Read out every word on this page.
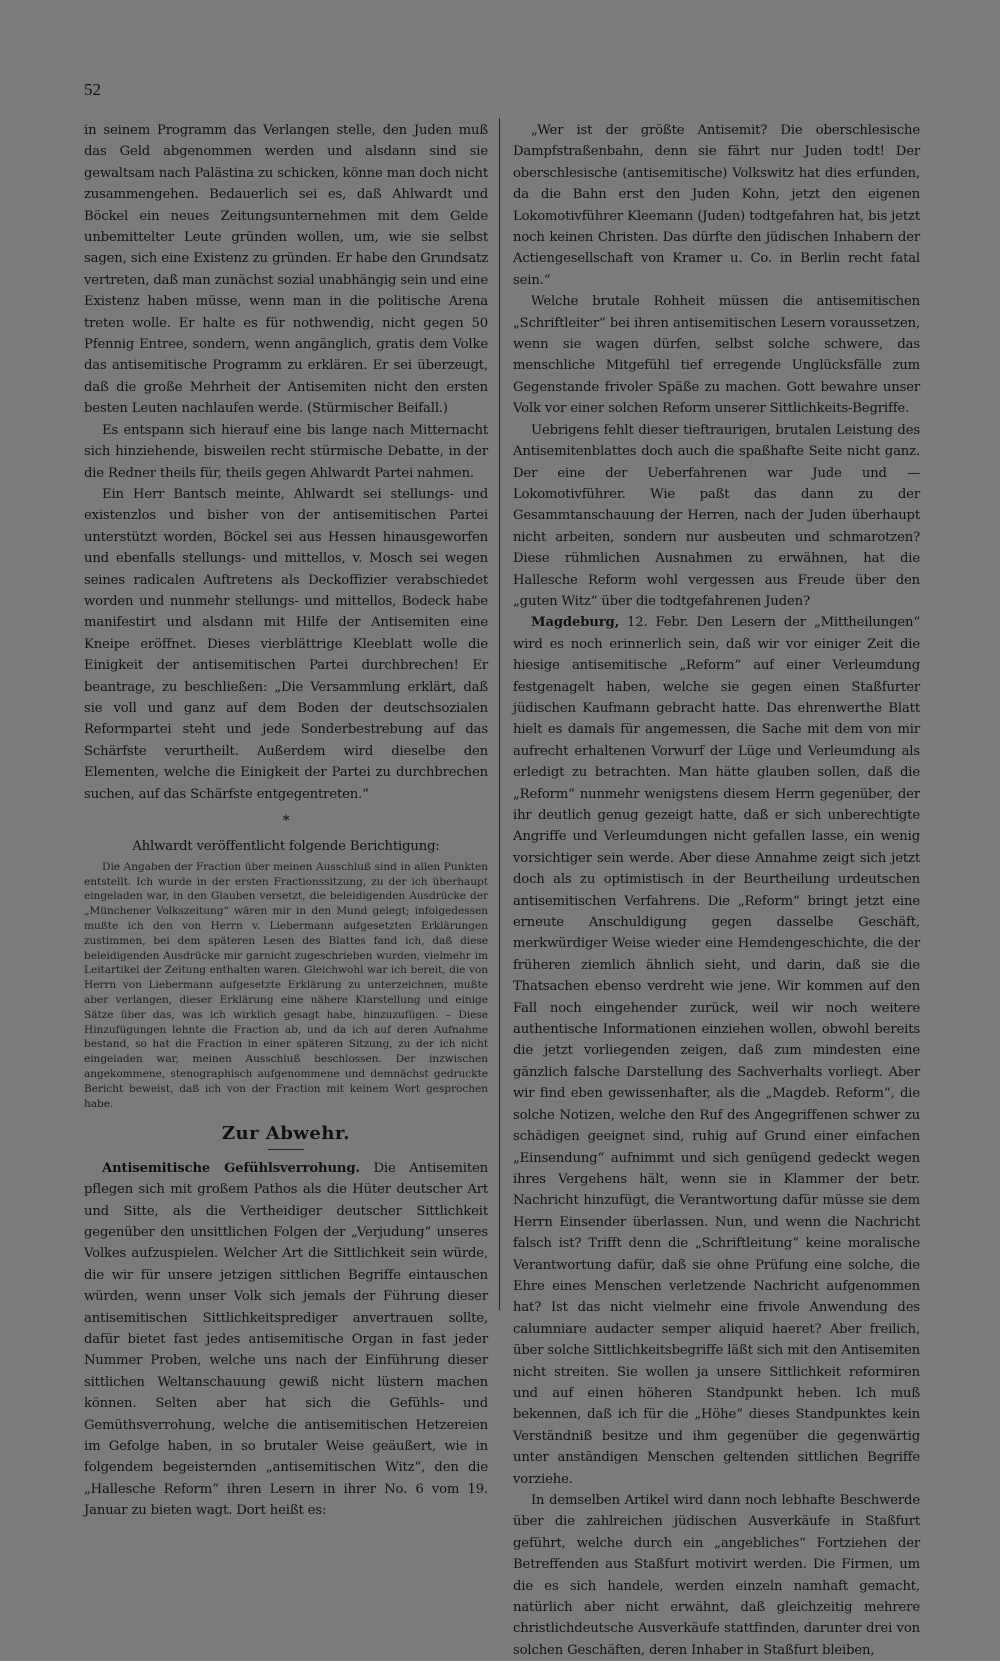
52

in seinem Programm das Verlangen stelle, den Juden muß das Geld abgenommen werden und alsdann sind sie gewaltsam nach Palästina zu schicken, könne man doch nicht zusammengehen. Bedauerlich sei es, daß Ahlwardt und Böckel ein neues Zeitungsunternehmen mit dem Gelde unbemittelter Leute gründen wollen, um, wie sie selbst sagen, sich eine Existenz zu gründen. Er habe den Grundsatz vertreten, daß man zunächst sozial unabhängig sein und eine Existenz haben müsse, wenn man in die politische Arena treten wolle. Er halte es für nothwendig, nicht gegen 50 Pfennig Entree, sondern, wenn angänglich, gratis dem Volke das antisemitische Programm zu erklären. Er sei überzeugt, daß die große Mehrheit der Antisemiten nicht den ersten besten Leuten nachlaufen werde. (Stürmischer Beifall.)

Es entspann sich hierauf eine bis lange nach Mitternacht sich hinziehende, bisweilen recht stürmische Debatte, in der die Redner theils für, theils gegen Ahlwardt Partei nahmen.

Ein Herr Bantsch meinte, Ahlwardt sei stellungs- und existenzlos und bisher von der antisemitischen Partei unterstützt worden, Böckel sei aus Hessen hinausgeworfen und ebenfalls stellungs- und mittellos, v. Mosch sei wegen seines radicalen Auftretens als Deckoffizier verabschiedet worden und nunmehr stellungs- und mittellos, Bodeck habe manifestirt und alsdann mit Hilfe der Antisemiten eine Kneipe eröffnet. Dieses vierblättrige Kleeblatt wolle die Einigkeit der antisemitischen Partei durchbrechen! Er beantrage, zu beschließen: „Die Versammlung erklärt, daß sie voll und ganz auf dem Boden der deutschsozialen Reformpartei steht und jede Sonderbestrebung auf das Schärfste verurtheilt. Außerdem wird dieselbe den Elementen, welche die Einigkeit der Partei zu durchbrechen suchen, auf das Schärfste entgegentreten.“

*
Ahlwardt veröffentlicht folgende Berichtigung:

Die Angaben der Fraction über meinen Ausschluß sind in allen Punkten entstellt. Ich wurde in der ersten Fractionssitzung, zu der ich überhaupt eingeladen war, in den Glauben versetzt, die beleidigenden Ausdrücke der „Münchener Volkszeitung“ wären mir in den Mund gelegt; infolgedessen mußte ich den von Herrn v. Liebermann aufgesetzten Erklärungen zustimmen, bei dem späteren Lesen des Blattes fand ich, daß diese beleidigenden Ausdrücke mir garnicht zugeschrieben wurden, vielmehr im Leitartikel der Zeitung enthalten waren. Gleichwohl war ich bereit, die von Herrn von Liebermann aufgesetzte Erklärung zu unterzeichnen, mußte aber verlangen, dieser Erklärung eine nähere Klarstellung und einige Sätze über das, was ich wirklich gesagt habe, hinzuzufügen. – Diese Hinzufügungen lehnte die Fraction ab, und da ich auf deren Aufnahme bestand, so hat die Fraction in einer späteren Sitzung, zu der ich nicht eingeladen war, meinen Ausschluß beschlossen. Der inzwischen angekommene, stenographisch aufgenommene und demnächst gedruckte Bericht beweist, daß ich von der Fraction mit keinem Wort gesprochen habe.

Zur Abwehr.

Antisemitische Gefühlsverrohung. Die Antisemiten pflegen sich mit großem Pathos als die Hüter deutscher Art und Sitte, als die Vertheidiger deutscher Sittlichkeit gegenüber den unsittlichen Folgen der „Verjudung“ unseres Volkes aufzuspielen. Welcher Art die Sittlichkeit sein würde, die wir für unsere jetzigen sittlichen Begriffe eintauschen würden, wenn unser Volk sich jemals der Führung dieser antisemitischen Sittlichkeitsprediger anvertrauen sollte, dafür bietet fast jedes antisemitische Organ in fast jeder Nummer Proben, welche uns nach der Einführung dieser sittlichen Weltanschauung gewiß nicht lüstern machen können. Selten aber hat sich die Gefühls- und Gemüthsverrohung, welche die antisemitischen Hetzereien im Gefolge haben, in so brutaler Weise geäußert, wie in folgendem begeisternden „antisemitischen Witz“, den die „Hallesche Reform“ ihren Lesern in ihrer No. 6 vom 19. Januar zu bieten wagt. Dort heißt es:

„Wer ist der größte Antisemit? Die oberschlesische Dampfstraßenbahn, denn sie fährt nur Juden todt! Der oberschlesische (antisemitische) Volkswitz hat dies erfunden, da die Bahn erst den Juden Kohn, jetzt den eigenen Lokomotivführer Kleemann (Juden) todtgefahren hat, bis jetzt noch keinen Christen. Das dürfte den jüdischen Inhabern der Actiengesellschaft von Kramer u. Co. in Berlin recht fatal sein.“

Welche brutale Rohheit müssen die antisemitischen „Schriftleiter“ bei ihren antisemitischen Lesern voraussetzen, wenn sie wagen dürfen, selbst solche schwere, das menschliche Mitgefühl tief erregende Unglücksfälle zum Gegenstande frivoler Späße zu machen. Gott bewahre unser Volk vor einer solchen Reform unserer Sittlichkeits-Begriffe.

Uebrigens fehlt dieser tieftraurigen, brutalen Leistung des Antisemitenblattes doch auch die spaßhafte Seite nicht ganz. Der eine der Ueberfahrenen war Jude und — Lokomotivführer. Wie paßt das dann zu der Gesammtanschauung der Herren, nach der Juden überhaupt nicht arbeiten, sondern nur ausbeuten und schmarotzen? Diese rühmlichen Ausnahmen zu erwähnen, hat die Hallesche Reform wohl vergessen aus Freude über den „guten Witz“ über die todtgefahrenen Juden?

Magdeburg, 12. Febr. Den Lesern der „Mittheilungen“ wird es noch erinnerlich sein, daß wir vor einiger Zeit die hiesige antisemitische „Reform“ auf einer Verleumdung festgenagelt haben, welche sie gegen einen Staßfurter jüdischen Kaufmann gebracht hatte. Das ehrenwerthe Blatt hielt es damals für angemessen, die Sache mit dem von mir aufrecht erhaltenen Vorwurf der Lüge und Verleumdung als erledigt zu betrachten. Man hätte glauben sollen, daß die „Reform“ nunmehr wenigstens diesem Herrn gegenüber, der ihr deutlich genug gezeigt hatte, daß er sich unberechtigte Angriffe und Verleumdungen nicht gefallen lasse, ein wenig vorsichtiger sein werde. Aber diese Annahme zeigt sich jetzt doch als zu optimistisch in der Beurtheilung urdeutschen antisemitischen Verfahrens. Die „Reform“ bringt jetzt eine erneute Anschuldigung gegen dasselbe Geschäft, merkwürdiger Weise wieder eine Hemdengeschichte, die der früheren ziemlich ähnlich sieht, und darin, daß sie die Thatsachen ebenso verdreht wie jene. Wir kommen auf den Fall noch eingehender zurück, weil wir noch weitere authentische Informationen einziehen wollen, obwohl bereits die jetzt vorliegenden zeigen, daß zum mindesten eine gänzlich falsche Darstellung des Sachverhalts vorliegt. Aber wir find eben gewissenhafter, als die „Magdeb. Reform“, die solche Notizen, welche den Ruf des Angegriffenen schwer zu schädigen geeignet sind, ruhig auf Grund einer einfachen „Einsendung“ aufnimmt und sich genügend gedeckt wegen ihres Vergehens hält, wenn sie in Klammer der betr. Nachricht hinzufügt, die Verantwortung dafür müsse sie dem Herrn Einsender überlassen. Nun, und wenn die Nachricht falsch ist? Trifft denn die „Schriftleitung“ keine moralische Verantwortung dafür, daß sie ohne Prüfung eine solche, die Ehre eines Menschen verletzende Nachricht aufgenommen hat? Ist das nicht vielmehr eine frivole Anwendung des calumniare audacter semper aliquid haeret? Aber freilich, über solche Sittlichkeitsbegriffe läßt sich mit den Antisemiten nicht streiten. Sie wollen ja unsere Sittlichkeit reformiren und auf einen höheren Standpunkt heben. Ich muß bekennen, daß ich für die „Höhe“ dieses Standpunktes kein Verständniß besitze und ihm gegenüber die gegenwärtig unter anständigen Menschen geltenden sittlichen Begriffe vorziehe.

In demselben Artikel wird dann noch lebhafte Beschwerde über die zahlreichen jüdischen Ausverkäufe in Staßfurt geführt, welche durch ein „angebliches“ Fortziehen der Betreffenden aus Staßfurt motivirt werden. Die Firmen, um die es sich handele, werden einzeln namhaft gemacht, natürlich aber nicht erwähnt, daß gleichzeitig mehrere christlichdeutsche Ausverkäufe stattfinden, darunter drei von solchen Geschäften, deren Inhaber in Staßfurt bleiben,
